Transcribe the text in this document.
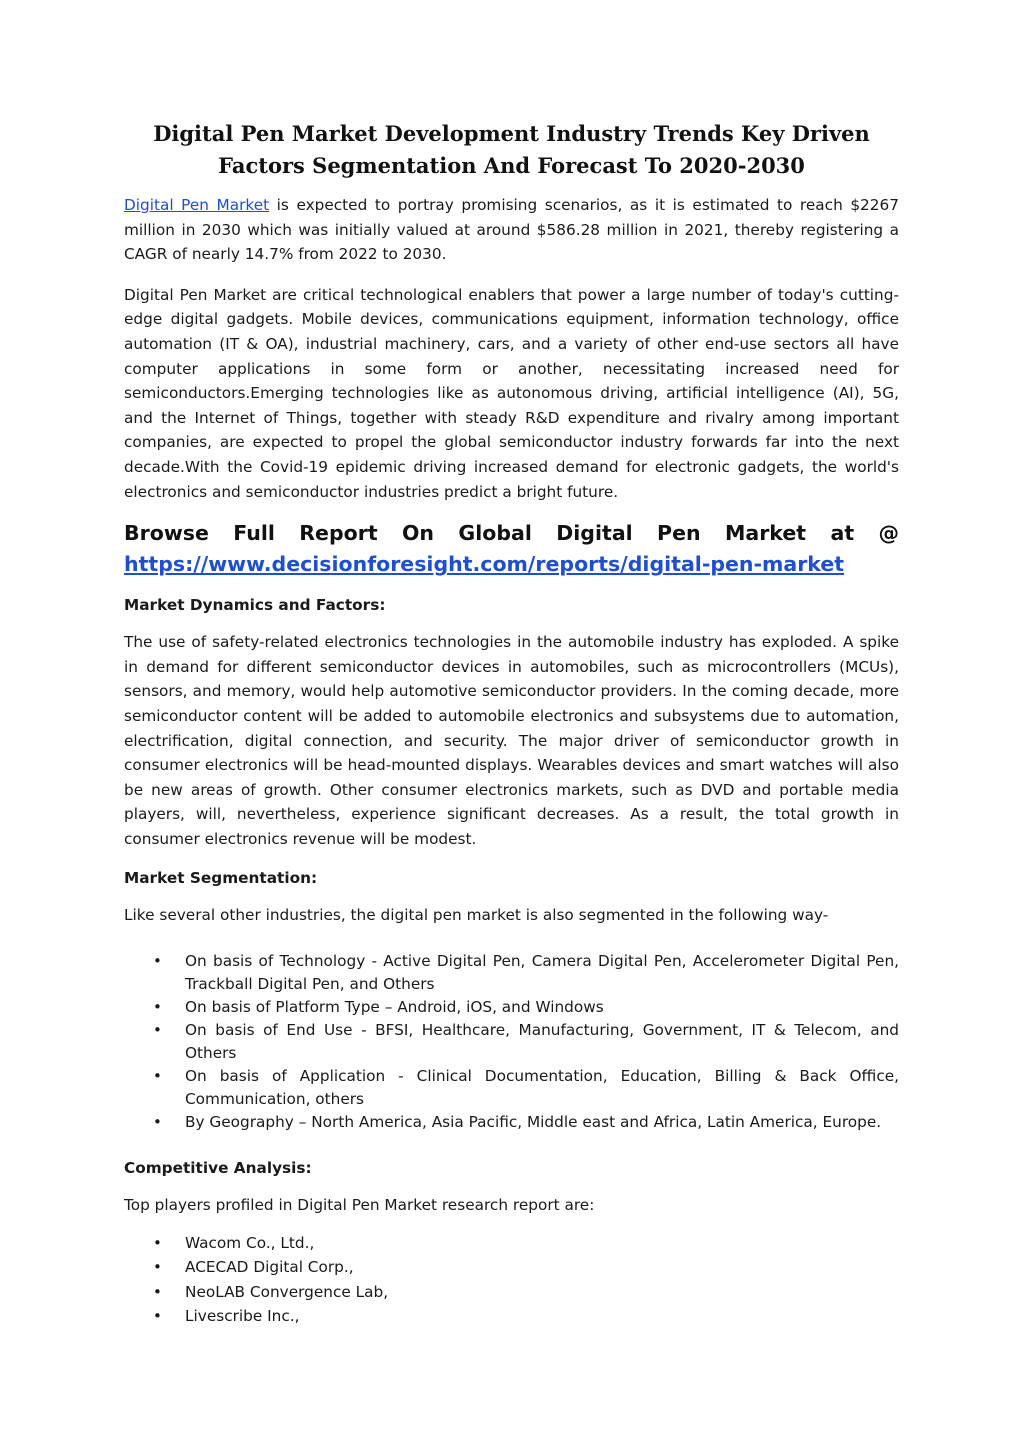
Digital Pen Market Development Industry Trends Key Driven Factors Segmentation And Forecast To 2020-2030

Digital Pen Market is expected to portray promising scenarios, as it is estimated to reach $2267 million in 2030 which was initially valued at around $586.28 million in 2021, thereby registering a CAGR of nearly 14.7% from 2022 to 2030.

Digital Pen Market are critical technological enablers that power a large number of today's cutting-edge digital gadgets. Mobile devices, communications equipment, information technology, office automation (IT & OA), industrial machinery, cars, and a variety of other end-use sectors all have computer applications in some form or another, necessitating increased need for semiconductors.Emerging technologies like as autonomous driving, artificial intelligence (AI), 5G, and the Internet of Things, together with steady R&D expenditure and rivalry among important companies, are expected to propel the global semiconductor industry forwards far into the next decade.With the Covid-19 epidemic driving increased demand for electronic gadgets, the world's electronics and semiconductor industries predict a bright future.

Browse Full Report On Global Digital Pen Market at @
https://www.decisionforesight.com/reports/digital-pen-market
Market Dynamics and Factors:

The use of safety-related electronics technologies in the automobile industry has exploded. A spike in demand for different semiconductor devices in automobiles, such as microcontrollers (MCUs), sensors, and memory, would help automotive semiconductor providers. In the coming decade, more semiconductor content will be added to automobile electronics and subsystems due to automation, electrification, digital connection, and security. The major driver of semiconductor growth in consumer electronics will be head-mounted displays. Wearables devices and smart watches will also be new areas of growth. Other consumer electronics markets, such as DVD and portable media players, will, nevertheless, experience significant decreases. As a result, the total growth in consumer electronics revenue will be modest.

Market Segmentation:

Like several other industries, the digital pen market is also segmented in the following way-

• On basis of Technology - Active Digital Pen, Camera Digital Pen, Accelerometer Digital Pen, Trackball Digital Pen, and Others
• On basis of Platform Type – Android, iOS, and Windows
• On basis of End Use - BFSI, Healthcare, Manufacturing, Government, IT & Telecom, and Others
• On basis of Application - Clinical Documentation, Education, Billing & Back Office, Communication, others
• By Geography – North America, Asia Pacific, Middle east and Africa, Latin America, Europe.
Competitive Analysis:

Top players profiled in Digital Pen Market research report are:

• Wacom Co., Ltd.,
• ACECAD Digital Corp.,
• NeoLAB Convergence Lab,
• Livescribe Inc.,
